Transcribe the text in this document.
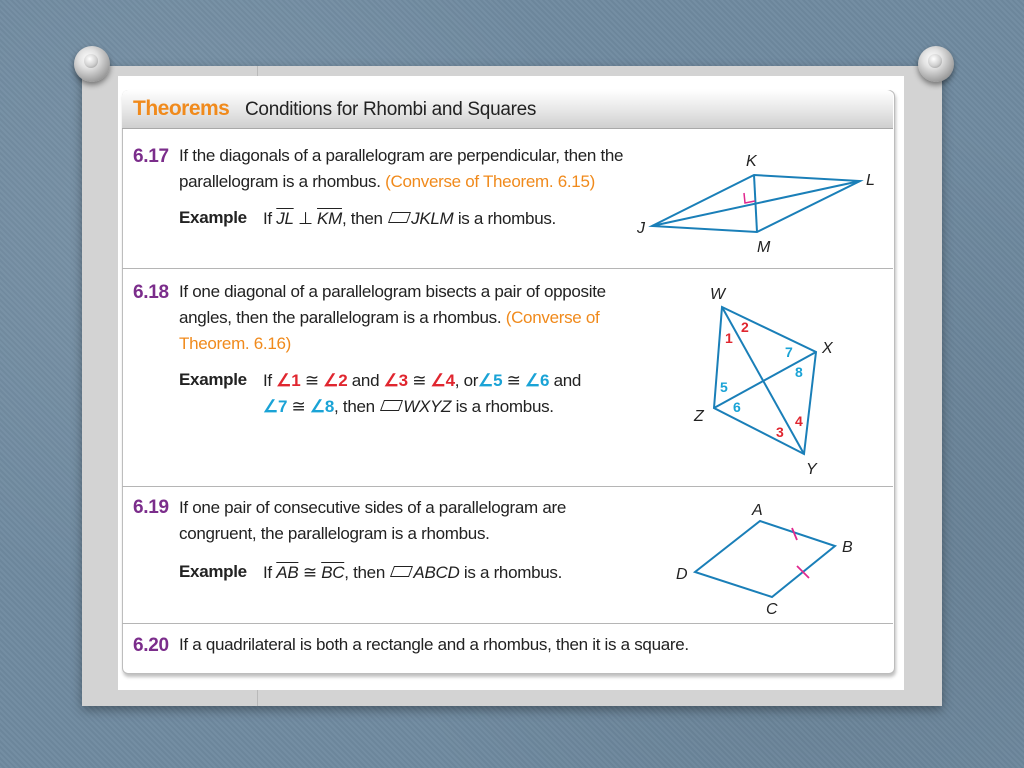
Theorems Conditions for Rhombi and Squares
6.17 If the diagonals of a parallelogram are perpendicular, then the
parallelogram is a rhombus. (Converse of Theorem. 6.15)
Example If $\overline{JL}$ ⊥ $\overline{KM}$, then JKLM is a rhombus.
K
L
J
M
6.18 If one diagonal of a parallelogram bisects a pair of opposite
angles, then the parallelogram is a rhombus. (Converse of
Theorem. 6.16)
Example If ∠1 ≅ ∠2 and ∠3 ≅ ∠4, or∠5 ≅ ∠6 and
∠7 ≅ ∠8, then WXYZ is a rhombus.
W
X
Y
Z
1
2
3
4
5
6
7
8
6.19 If one pair of consecutive sides of a parallelogram are
congruent, the parallelogram is a rhombus.
Example If $\overline{AB}$ ≅ $\overline{BC}$, then ABCD is a rhombus.
A
B
C
D
6.20 If a quadrilateral is both a rectangle and a rhombus, then it is a square.
